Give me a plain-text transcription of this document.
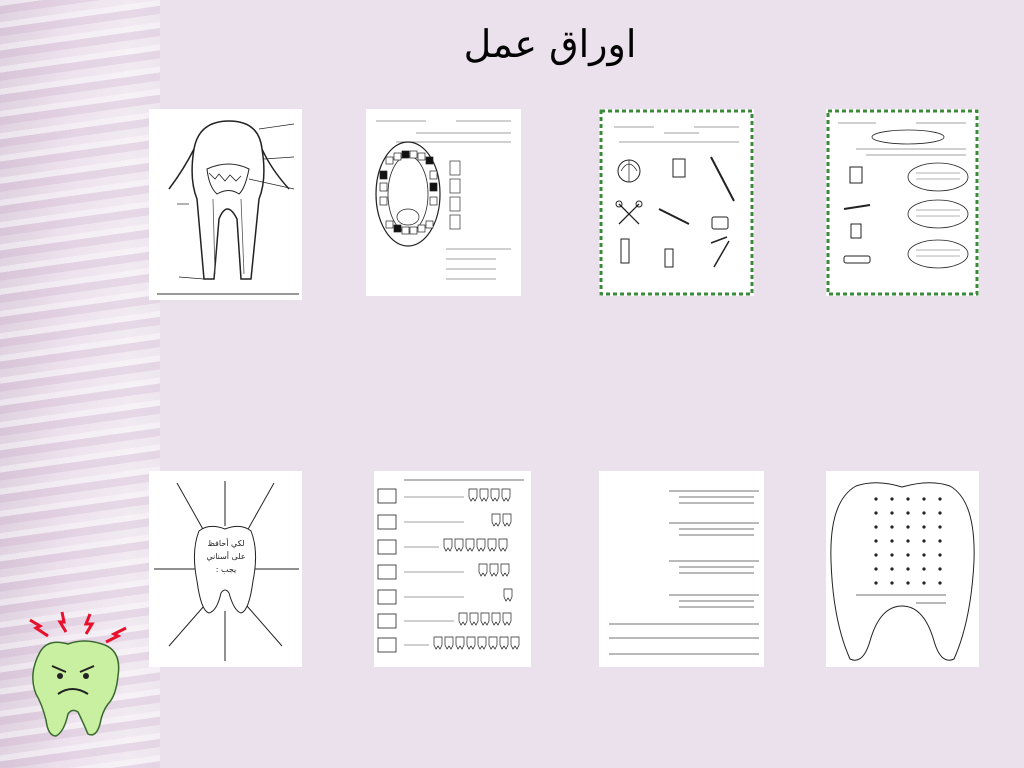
اوراق عمل
لكي أحافظ على أسناني يجب :
